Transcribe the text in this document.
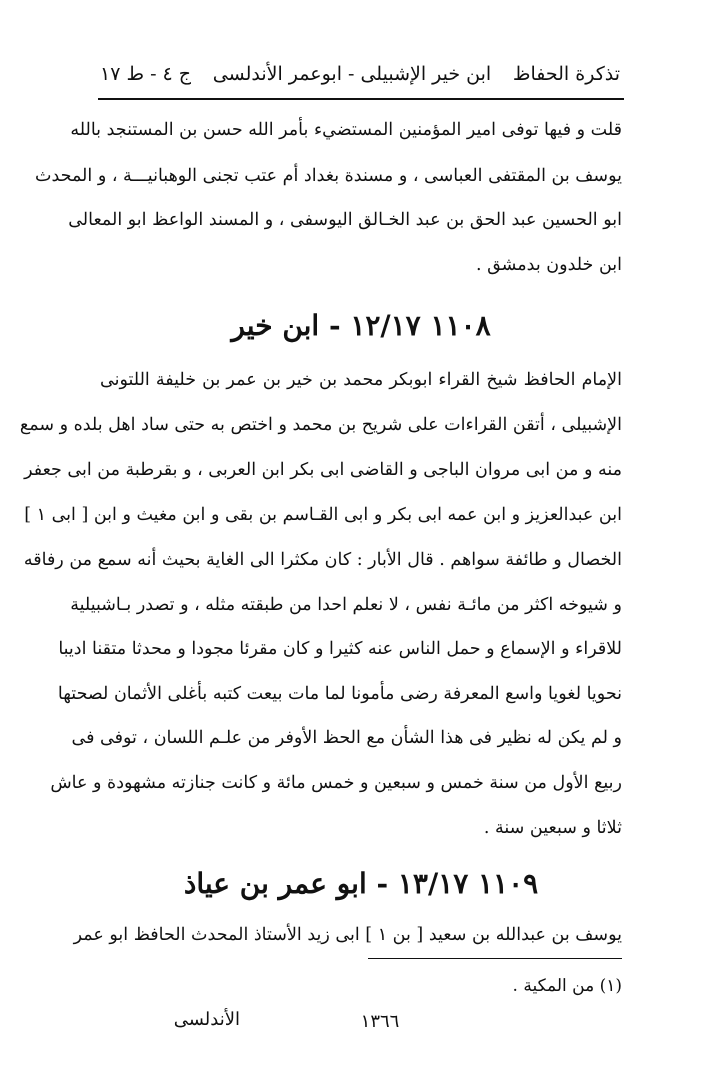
تذكرة الحفاظ
ابن خير الإشبيلى - ابوعمر الأندلسى
ج ٤ - ط ١٧
قلت و فيها توفى امير المؤمنين المستضيء بأمر الله حسن بن المستنجد بالله
يوسف بن المقتفى العباسى ، و مسندة بغداد أم عتب تجنى الوهبانيـــة ، و المحدث
ابو الحسين عبد الحق بن عبد الخـالق اليوسفى ، و المسند الواعظ ابو المعالى
ابن خلدون بدمشق .
١١٠٨ ١٢/١٧ - ابن خير
الإمام الحافظ شيخ القراء ابوبكر محمد بن خير بن عمر بن خليفة اللتونى
الإشبيلى ، أتقن القراءات على شريح بن محمد و اختص به حتى ساد اهل بلده و سمع
منه و من ابى مروان الباجى و القاضى ابى بكر ابن العربى ، و بقرطبة من ابى جعفر
ابن عبدالعزيز و ابن عمه ابى بكر و ابى القـاسم بن بقى و ابن مغيث و ابن [ ابى ١ ]
الخصال و طائفة سواهم . قال الأبار : كان مكثرا الى الغاية بحيث أنه سمع من رفاقه
و شيوخه اكثر من مائـة نفس ، لا نعلم احدا من طبقته مثله ، و تصدر بـاشبيلية
للاقراء و الإسماع و حمل الناس عنه كثيرا و كان مقرئا مجودا و محدثا متقنا اديبا
نحويا لغويا واسع المعرفة رضى مأمونا لما مات بيعت كتبه بأغلى الأثمان لصحتها
و لم يكن له نظير فى هذا الشأن مع الحظ الأوفر من علـم اللسان ، توفى فى
ربيع الأول من سنة خمس و سبعين و خمس مائة و كانت جنازته مشهودة و عاش
ثلاثا و سبعين سنة .
١١٠٩ ١٣/١٧ - ابو عمر بن عياذ
يوسف بن عبدالله بن سعيد [ بن ١ ] ابى زيد الأستاذ المحدث الحافظ ابو عمر
(١) من المكية .
١٣٦٦
الأندلسى
